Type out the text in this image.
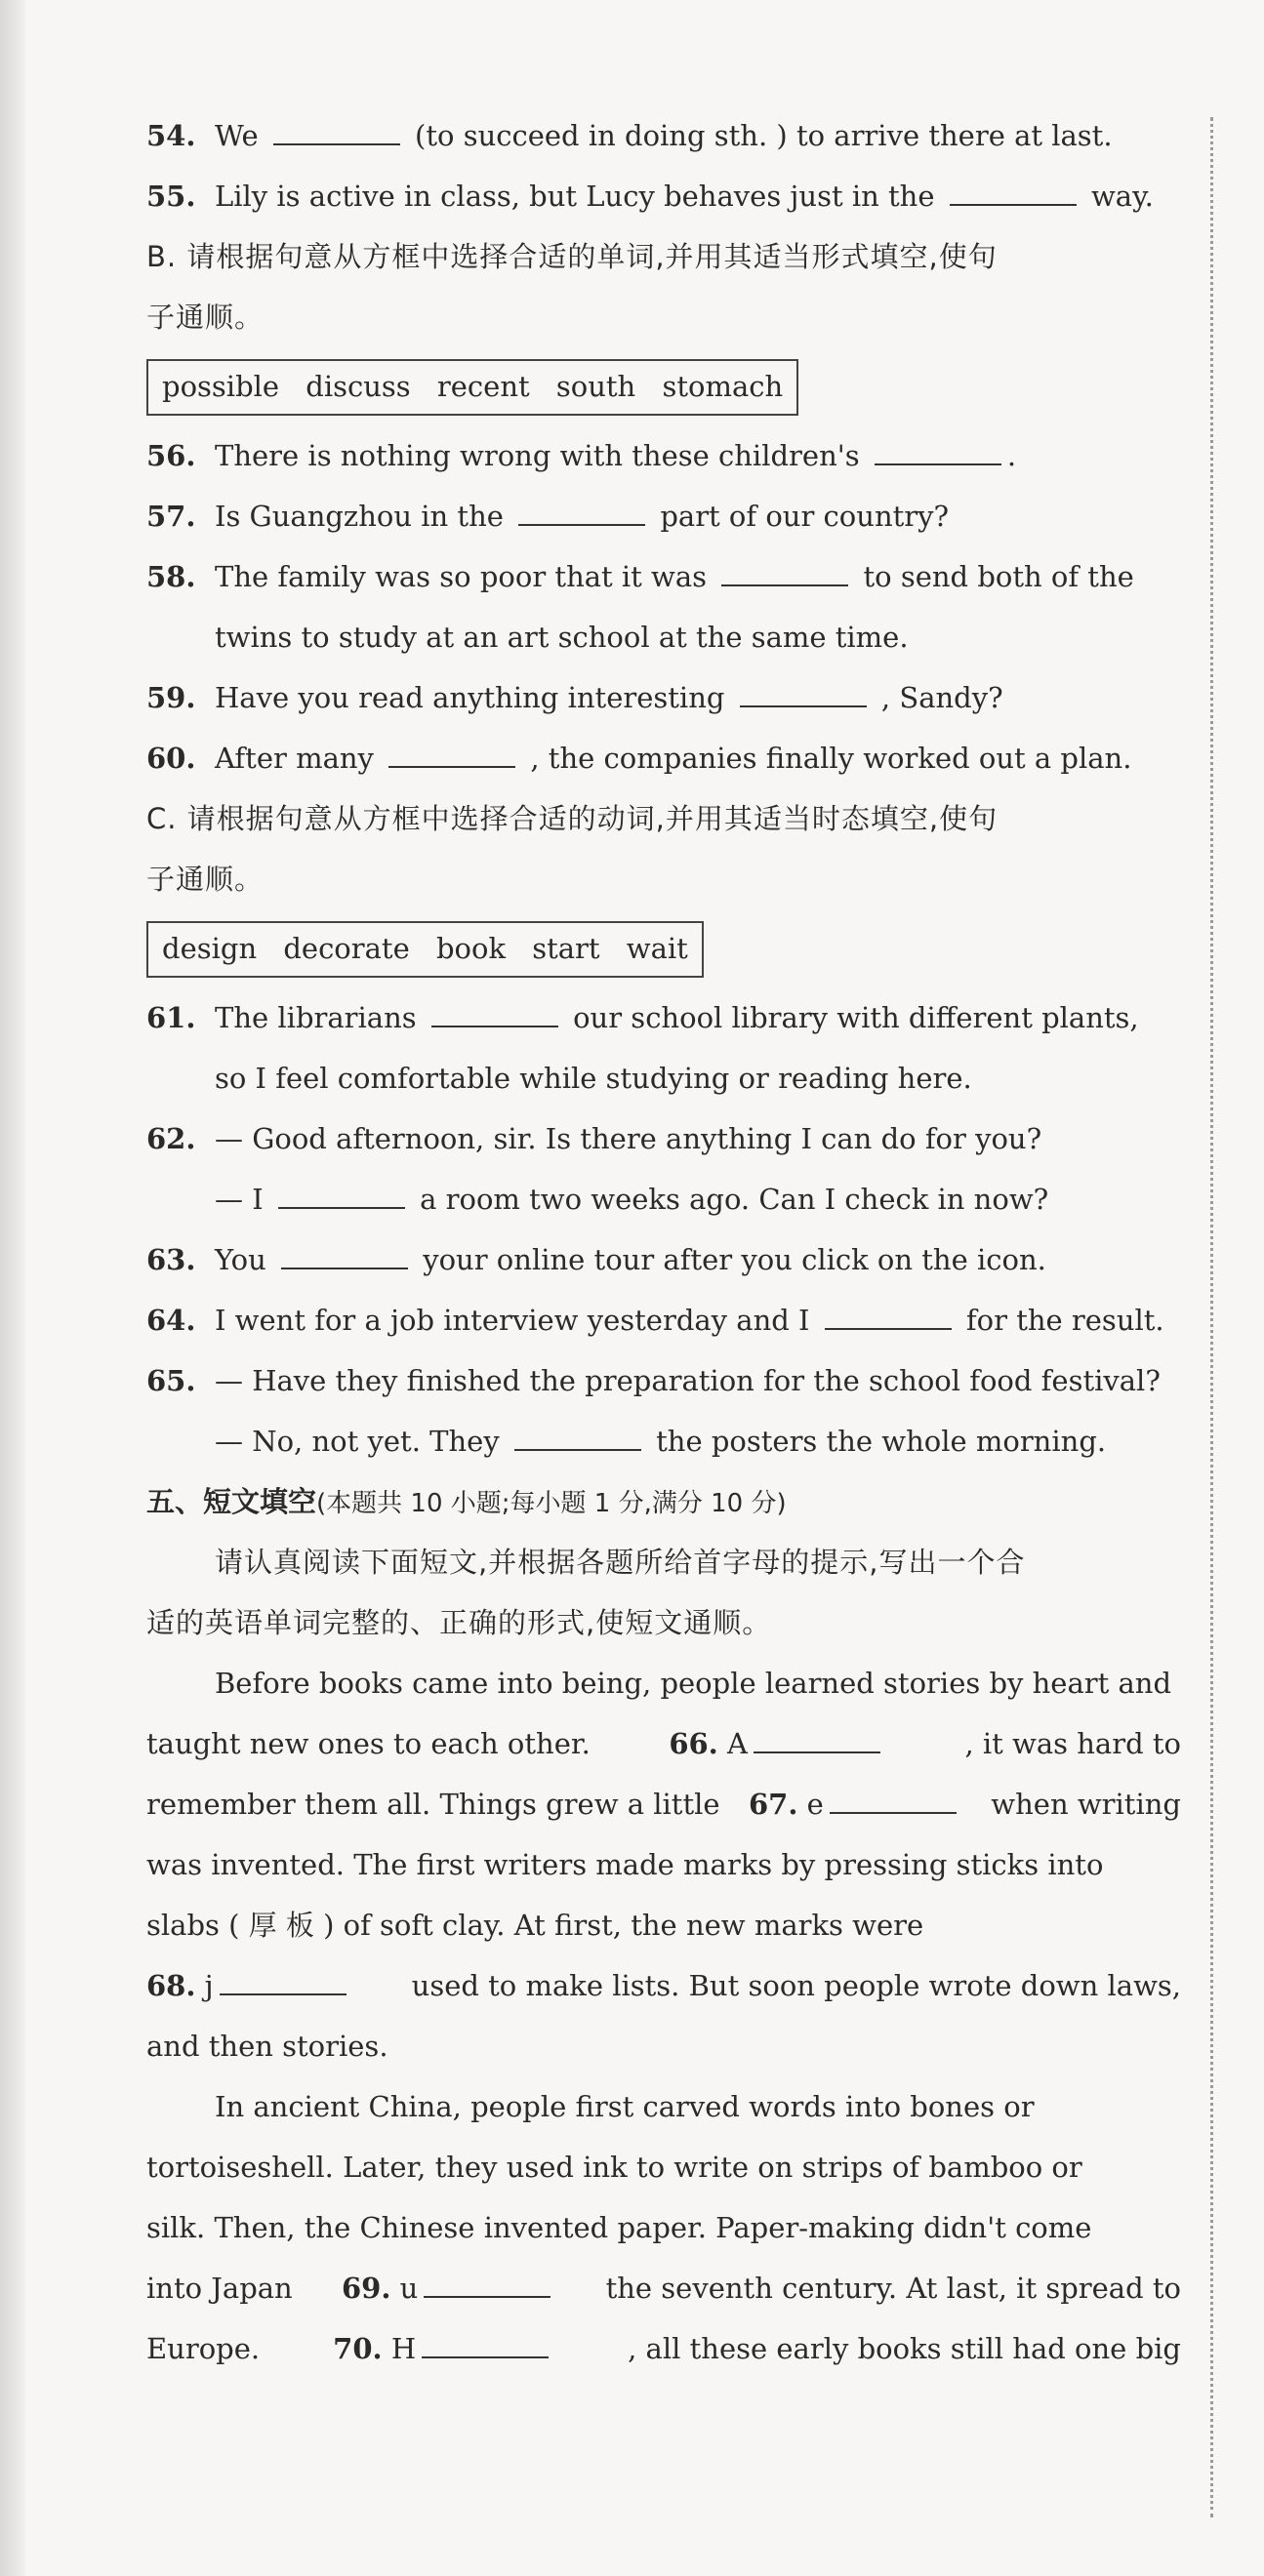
54. We	(to succeed in doing sth. ) to arrive there at last.
55. Lily is active in class, but Lucy behaves just in the	way.
B. 请根据句意从方框中选择合适的单词,并用其适当形式填空,使句
子通顺。
possible discuss recent south stomach
56. There is nothing wrong with these children's	.
57. Is Guangzhou in the	part of our country?
58. The family was so poor that it was	to send both of the
twins to study at an art school at the same time.
59. Have you read anything interesting	, Sandy?
60. After many	, the companies finally worked out a plan.
C. 请根据句意从方框中选择合适的动词,并用其适当时态填空,使句
子通顺。
design decorate book start wait
61. The librarians	our school library with different plants,
so I feel comfortable while studying or reading here.
62. — Good afternoon, sir. Is there anything I can do for you?
— I	a room two weeks ago. Can I check in now?
63. You	your online tour after you click on the icon.
64. I went for a job interview yesterday and I	for the result.
65. — Have they finished the preparation for the school food festival?
— No, not yet. They	the posters the whole morning.
五、短文填空(本题共 10 小题;每小题 1 分,满分 10 分)
请认真阅读下面短文,并根据各题所给首字母的提示,写出一个合
适的英语单词完整的、正确的形式,使短文通顺。
Before books came into being, people learned stories by heart and
taught new ones to each other.	66. A	, it was hard to
remember them all. Things grew a little 67. e	when writing
was invented. The first writers made marks by pressing sticks into
slabs ( 厚 板 ) of soft clay. At first, the new marks were
68. j	used to make lists. But soon people wrote down laws,
and then stories.
In ancient China, people first carved words into bones or
tortoiseshell. Later, they used ink to write on strips of bamboo or
silk. Then, the Chinese invented paper. Paper-making didn't come
into Japan 69. u	the seventh century. At last, it spread to
Europe.	70. H	, all these early books still had one big
